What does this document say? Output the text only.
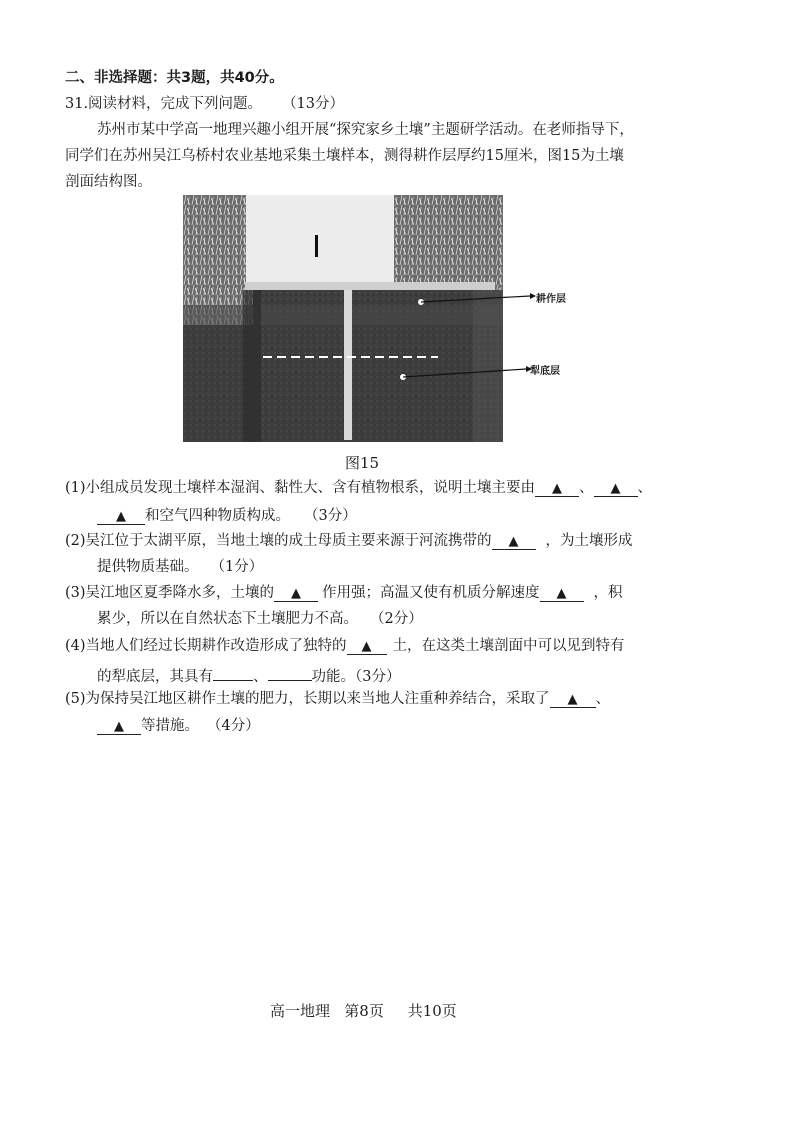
二、非选择题：共3题，共40分。
31.阅读材料，完成下列问题。 （13分）
苏州市某中学高一地理兴趣小组开展“探究家乡土壤”主题研学活动。在老师指导下，
同学们在苏州吴江乌桥村农业基地采集土壤样本，测得耕作层厚约15厘米，图15为土壤
剖面结构图。
耕作层
犁底层
图15
(1)小组成员发现土壤样本湿润、黏性大、含有植物根系，说明土壤主要由 ▲ 、 ▲ 、
▲ 和空气四种物质构成。 （3分）
(2)吴江位于太湖平原，当地土壤的成土母质主要来源于河流携带的 ▲ ，为土壤形成
提供物质基础。 （1分）
(3)吴江地区夏季降水多，土壤的 ▲ 作用强；高温又使有机质分解速度 ▲ ，积
累少，所以在自然状态下土壤肥力不高。 （2分）
(4)当地人们经过长期耕作改造形成了独特的 ▲ 土，在这类土壤剖面中可以见到特有
的犁底层，其具有	、	功能。（3分）
(5)为保持吴江地区耕作土壤的肥力，长期以来当地人注重种养结合，采取了 ▲ 、
▲ 等措施。 （4分）
高一地理   第8页     共10页
